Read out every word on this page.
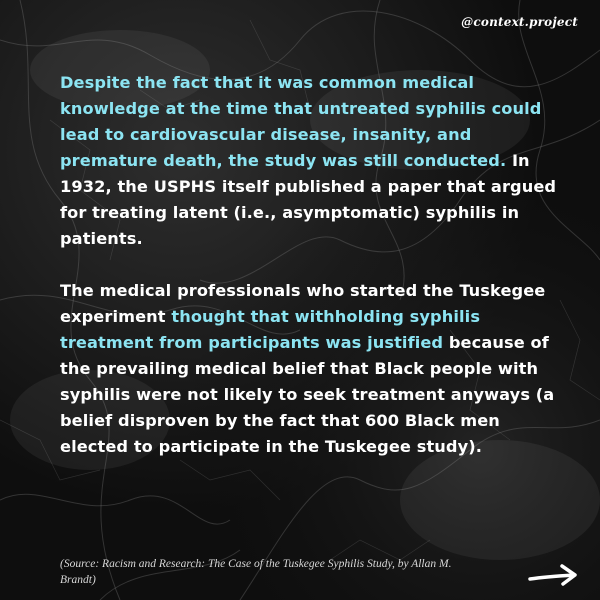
@context.project

Despite the fact that it was common medical knowledge at the time that untreated syphilis could lead to cardiovascular disease, insanity, and premature death, the study was still conducted. In 1932, the USPHS itself published a paper that argued for treating latent (i.e., asymptomatic) syphilis in patients.

The medical professionals who started the Tuskegee experiment thought that withholding syphilis treatment from participants was justified because of the prevailing medical belief that Black people with syphilis were not likely to seek treatment anyways (a belief disproven by the fact that 600 Black men elected to participate in the Tuskegee study).

(Source: Racism and Research: The Case of the Tuskegee Syphilis Study, by Allan M. Brandt)
